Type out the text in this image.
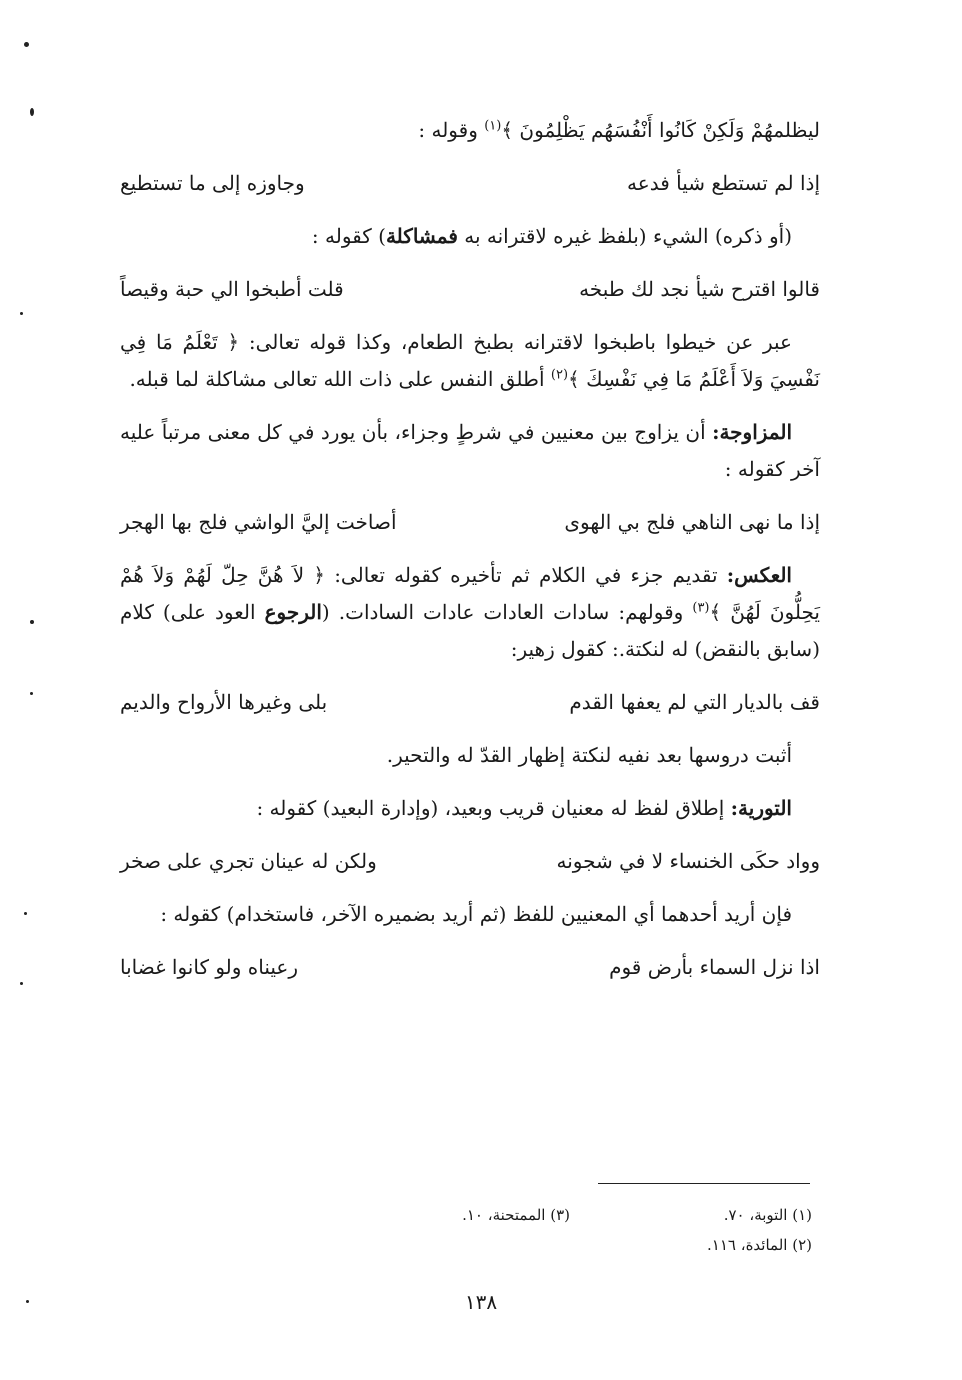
ليظلمهُمْ وَلَكِنْ كَانُوا أَنْفُسَهُم يَظْلِمُونَ ﴾$^{(١)}$ وقوله :

إذا لم تستطع شيأ فدعه
وجاوزه إلى ما تستطيع

(أو ذكره) الشيء (بلفظ غيره لاقترانه به فمشاكلة) كقوله :

قالوا اقترح شيأ نجد لك طبخه
قلت أطبخوا الي حبة وقيصاً

عبر عن خيطوا باطبخوا لاقترانه بطبخ الطعام، وكذا قوله تعالى: ﴿ تَعْلَمُ مَا فِي نَفْسِيَ وَلاَ أَعْلَمُ مَا فِي نَفْسِكَ ﴾$^{(٢)}$ أطلق النفس على ذات الله تعالى مشاكلة لما قبله.

المزاوجة: أن يزاوج بين معنيين في شرطٍ وجزاء، بأن يورد في كل معنى مرتباً عليه آخر كقوله :

إذا ما نهى الناهي فلج بي الهوى
أصاخت إليَّ الواشي فلج بها الهجر

العكس: تقديم جزء في الكلام ثم تأخيره كقوله تعالى: ﴿ لاَ هُنَّ حِلّ لَهُمْ وَلاَ هُمْ يَحِلُّونَ لَهُنَّ ﴾$^{(٣)}$ وقولهم: سادات العادات عادات السادات. (الرجوع العود على) كلام (سابق بالنقض) له لنكتة.: كقول زهير:

قف بالديار التي لم يعفها القدم
بلى وغيرها الأرواح والديم

أثبت دروسها بعد نفيه لنكتة إظهار القدّ له والتحير.

التورية: إطلاق لفظ له معنيان قريب وبعيد، (وإدارة البعيد) كقوله :

وواد حكَى الخنساء لا في شجونه
ولكن له عينان تجري على صخر

فإن أريد أحدهما أي المعنيين للفظ (ثم أريد بضميره الآخر، فاستخدام) كقوله :

اذا نزل السماء بأرض قوم
رعيناه ولو كانوا غضابا
(١) التوبة، ٧٠.
(٣) الممتحنة، ١٠.
(٢) المائدة، ١١٦.
١٣٨
